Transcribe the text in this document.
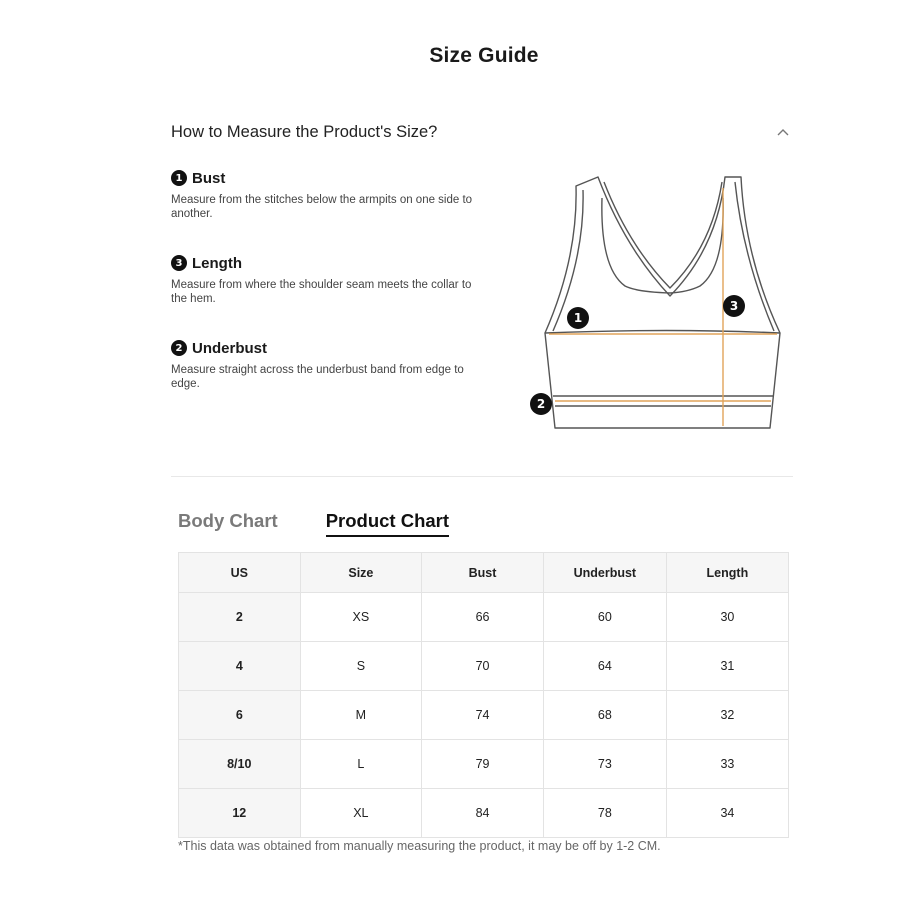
Size Guide
How to Measure the Product's Size?
1 Bust
Measure from the stitches below the armpits on one side to another.
3 Length
Measure from where the shoulder seam meets the collar to the hem.
2 Underbust
Measure straight across the underbust band from edge to edge.
1
3
2
Body Chart	Product Chart
US	Size	Bust	Underbust	Length
2	XS	66	60	30
4	S	70	64	31
6	M	74	68	32
8/10	L	79	73	33
12	XL	84	78	34
*This data was obtained from manually measuring the product, it may be off by 1-2 CM.
